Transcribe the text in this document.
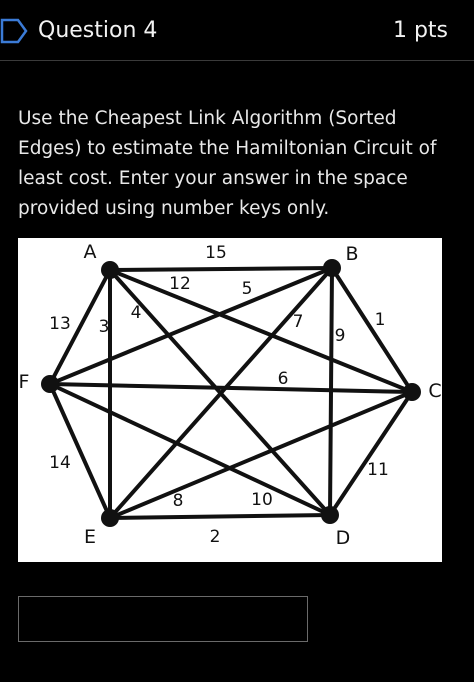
Question 4	1 pts

Use the Cheapest Link Algorithm (Sorted Edges) to estimate the Hamiltonian Circuit of least cost. Enter your answer in the space provided using number keys only.

15
12
4
3
13	1
9
7
5
11
10
6
2
8
14
A	B
C
D
E
F
